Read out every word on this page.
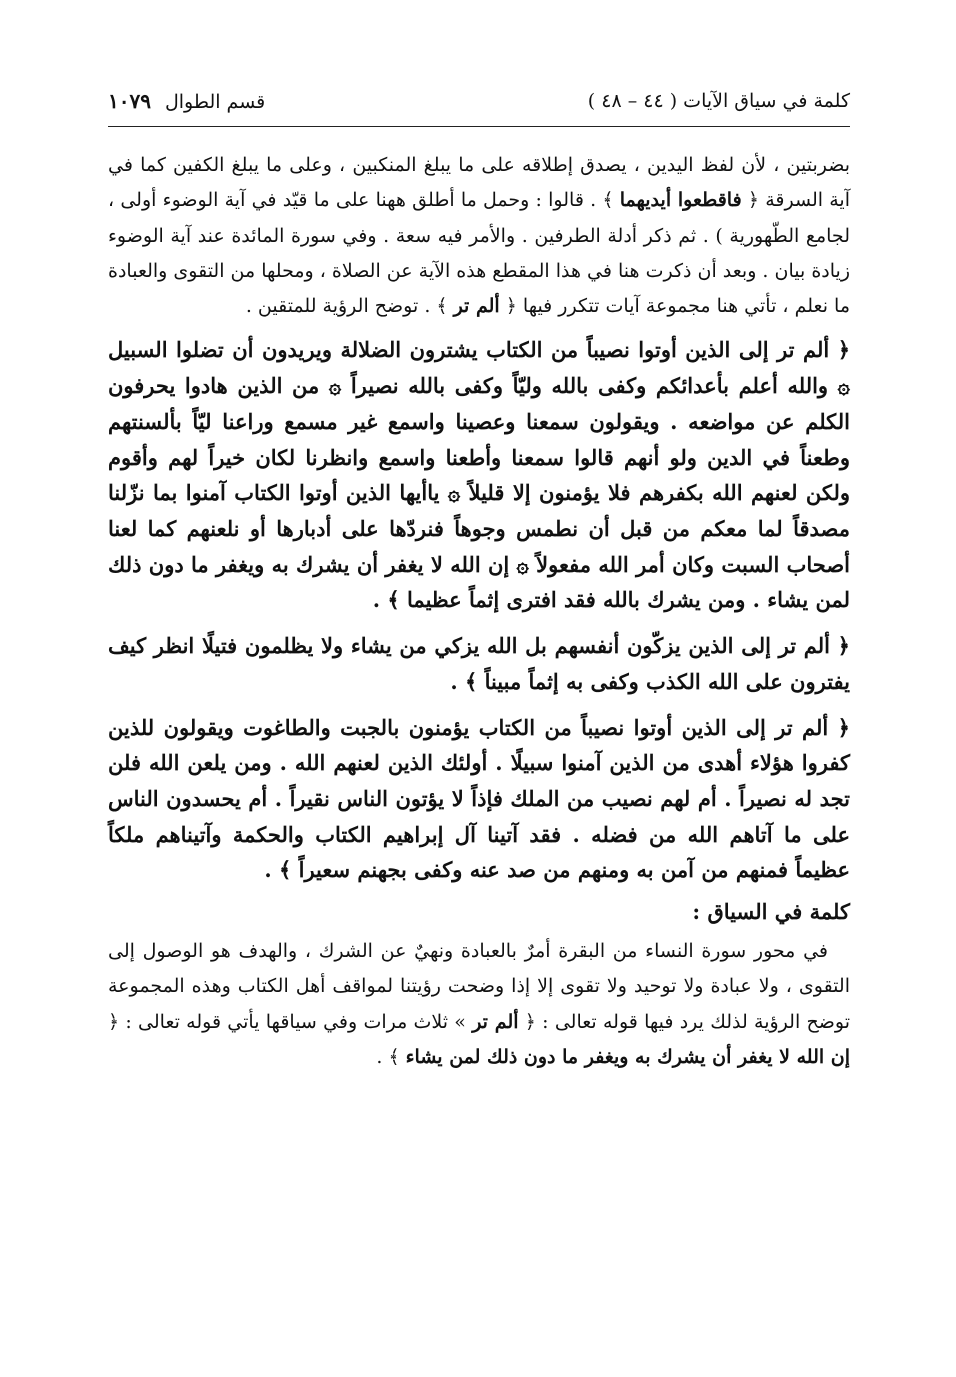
كلمة في سياق الآيات ( ٤٤ – ٤٨ )
قسم الطوال
١٠٧٩

بضربتين ، لأن لفظ اليدين ، يصدق إطلاقه على ما يبلغ المنكبين ، وعلى ما يبلغ الكفين كما في آية السرقة ﴿ فاقطعوا أيديهما ﴾ . قالوا : وحمل ما أطلق ههنا على ما قيّد في آية الوضوء أولى ، لجامع الطّهورية ) . ثم ذكر أدلة الطرفين . والأمر فيه سعة . وفي سورة المائدة عند آية الوضوء زيادة بيان . وبعد أن ذكرت هنا في هذا المقطع هذه الآية عن الصلاة ، ومحلها من التقوى والعبادة ما نعلم ، تأتي هنا مجموعة آيات تتكرر فيها ﴿ ألم تر ﴾ . توضح الرؤية للمتقين .

﴿ ألم تر إلى الذين أوتوا نصيباً من الكتاب يشترون الضلالة ويريدون أن تضلوا السبيل ۞ والله أعلم بأعدائكم وكفى بالله وليّاً وكفى بالله نصيراً ۞ من الذين هادوا يحرفون الكلم عن مواضعه . ويقولون سمعنا وعصينا واسمع غير مسمع وراعنا ليّاً بألسنتهم وطعناً في الدين ولو أنهم قالوا سمعنا وأطعنا واسمع وانظرنا لكان خيراً لهم وأقوم ولكن لعنهم الله بكفرهم فلا يؤمنون إلا قليلاً ۞ ياأيها الذين أوتوا الكتاب آمنوا بما نزّلنا مصدقاً لما معكم من قبل أن نطمس وجوهاً فنردّها على أدبارها أو نلعنهم كما لعنا أصحاب السبت وكان أمر الله مفعولاً ۞ إن الله لا يغفر أن يشرك به ويغفر ما دون ذلك لمن يشاء . ومن يشرك بالله فقد افترى إثماً عظيما ﴾ .

﴿ ألم تر إلى الذين يزكّون أنفسهم بل الله يزكي من يشاء ولا يظلمون فتيلًا انظر كيف يفترون على الله الكذب وكفى به إثماً مبيناً ﴾ .

﴿ ألم تر إلى الذين أوتوا نصيباً من الكتاب يؤمنون بالجبت والطاغوت ويقولون للذين كفروا هؤلاء أهدى من الذين آمنوا سبيلًا . أولئك الذين لعنهم الله . ومن يلعن الله فلن تجد له نصيراً . أم لهم نصيب من الملك فإذاً لا يؤتون الناس نقيراً . أم يحسدون الناس على ما آتاهم الله من فضله . فقد آتينا آل إبراهيم الكتاب والحكمة وآتيناهم ملكاً عظيماً فمنهم من آمن به ومنهم من صد عنه وكفى بجهنم سعيراً ﴾ .

كلمة في السياق :

في محور سورة النساء من البقرة أمرٌ بالعبادة ونهيٌ عن الشرك ، والهدف هو الوصول إلى التقوى ، ولا عبادة ولا توحيد ولا تقوى إلا إذا وضحت رؤيتنا لمواقف أهل الكتاب وهذه المجموعة توضح الرؤية لذلك يرد فيها قوله تعالى : ﴿ ألم تر » ثلاث مرات وفي سياقها يأتي قوله تعالى : ﴿ إن الله لا يغفر أن يشرك به ويغفر ما دون ذلك لمن يشاء ﴾ .
